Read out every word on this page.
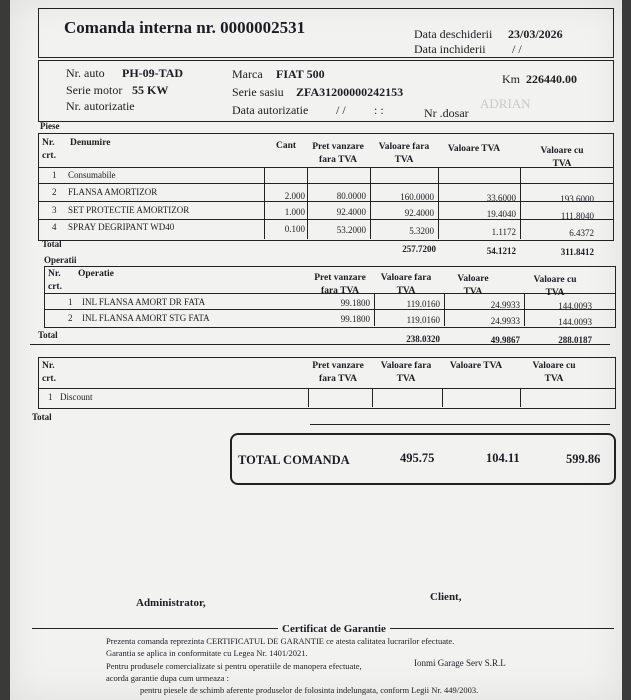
Comanda interna nr. 0000002531	Data deschiderii 23/03/2026
Data inchiderii / /
Nr. auto PH-09-TAD
Serie motor 55 KW
Nr. autorizatie
Marca FIAT 500
Serie sasiu ZFA31200000242153
Data autorizatie / / : :
Km 226440.00
Nr .dosar
ADRIAN
Piese
Nr. crt.
Denumire	Cant	Pret vanzare fara TVA
Valoare fara TVA
Valoare TVA	Valoare cu TVA
1 Consumabile
2 FLANSA AMORTIZOR	2.000	80.0000	160.0000	33.6000	193.6000
3 SET PROTECTIE AMORTIZOR	1.000	92.4000	92.4000	19.4040	111.8040
4 SPRAY DEGRIPANT WD40	0.100	53.2000	5.3200	1.1172	6.4372
Total	257.7200	54.1212	311.8412
Operatii
Nr. crt.
Operatie	Pret vanzare fara TVA
Valoare fara TVA
Valoare TVA
Valoare cu TVA
1 INL FLANSA AMORT DR FATA	99.1800	119.0160	24.9933	144.0093
2 INL FLANSA AMORT STG FATA	99.1800	119.0160	24.9933	144.0093
Total	238.0320	49.9867	288.0187
Nr. crt.
Pret vanzare fara TVA
Valoare fara TVA
Valoare TVA	Valoare cu TVA
1 Discount
Total
TOTAL COMANDA	495.75	104.11	599.86
Administrator,	Client,
Certificat de Garantie
Prezenta comanda reprezinta CERTIFICATUL DE GARANTIE ce atesta calitatea lucrarilor efectuate.
Garantia se aplica in conformitate cu Legea Nr. 1401/2021.
Pentru produsele comercializate si pentru operatiile de manopera efectuate,
acorda garantie dupa cum urmeaza :
pentru piesele de schimb aferente produselor de folosinta indelungata, conform Legii Nr. 449/2003.
Ionmi Garage Serv S.R.L
